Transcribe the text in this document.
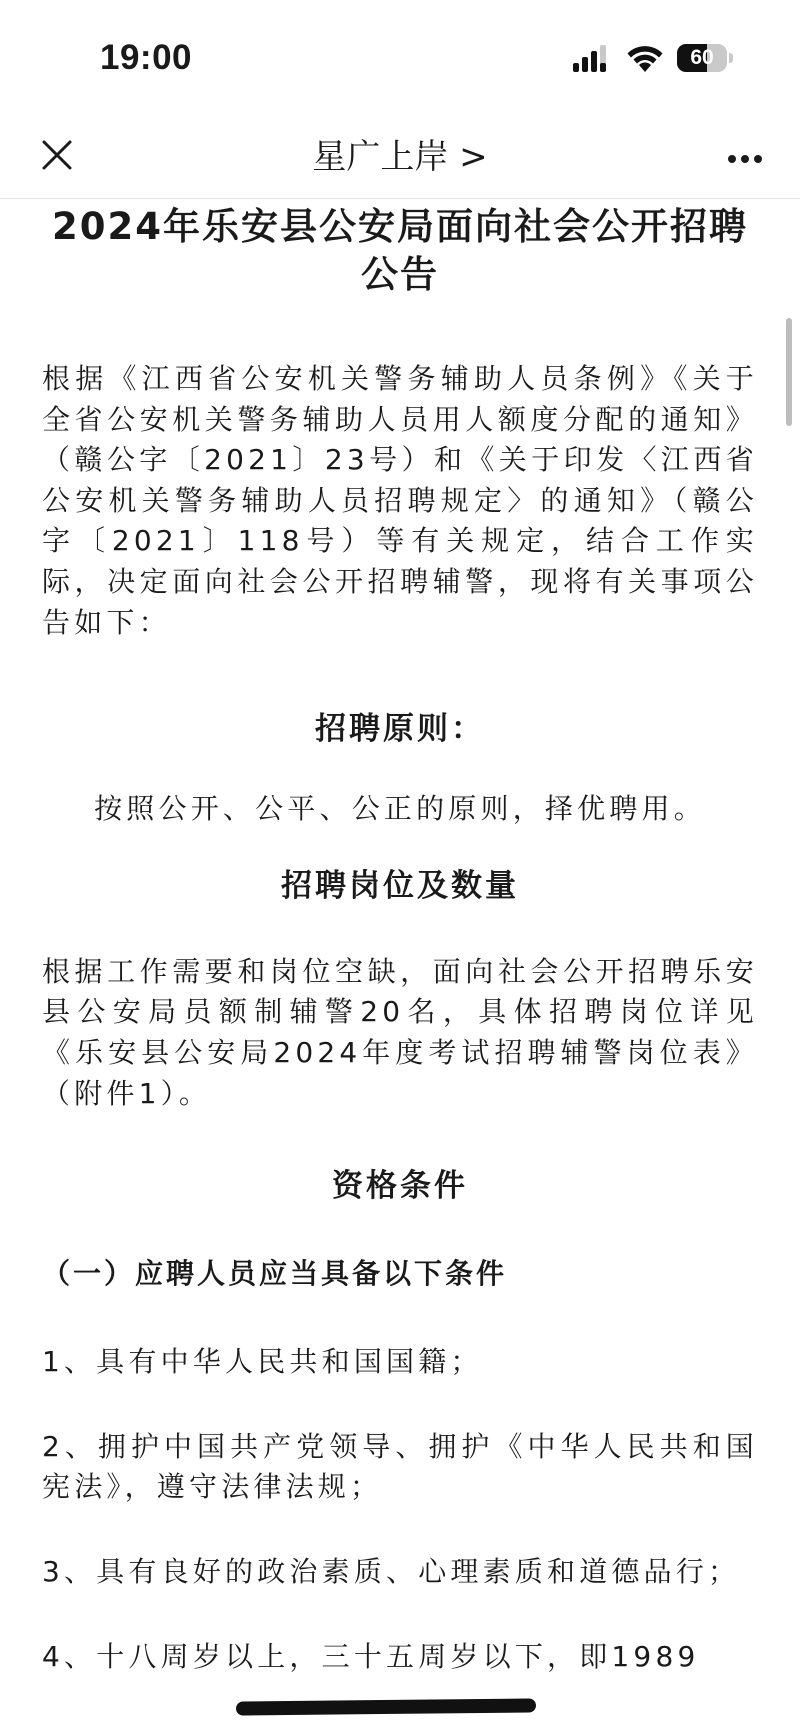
19:00	60
星广上岸 >
2024年乐安县公安局面向社会公开招聘公告

根据《江西省公安机关警务辅助人员条例》《关于全省公安机关警务辅助人员用人额度分配的通知》（赣公字〔2021〕23号）和《关于印发〈江西省公安机关警务辅助人员招聘规定〉的通知》（赣公字〔2021〕118号）等有关规定，结合工作实际，决定面向社会公开招聘辅警，现将有关事项公告如下：

招聘原则：

按照公开、公平、公正的原则，择优聘用。

招聘岗位及数量

根据工作需要和岗位空缺，面向社会公开招聘乐安县公安局员额制辅警20名，具体招聘岗位详见《乐安县公安局2024年度考试招聘辅警岗位表》（附件1）。

资格条件
（一）应聘人员应当具备以下条件

1、具有中华人民共和国国籍；

2、拥护中国共产党领导、拥护《中华人民共和国宪法》，遵守法律法规；

3、具有良好的政治素质、心理素质和道德品行；

4、十八周岁以上，三十五周岁以下，即1989
